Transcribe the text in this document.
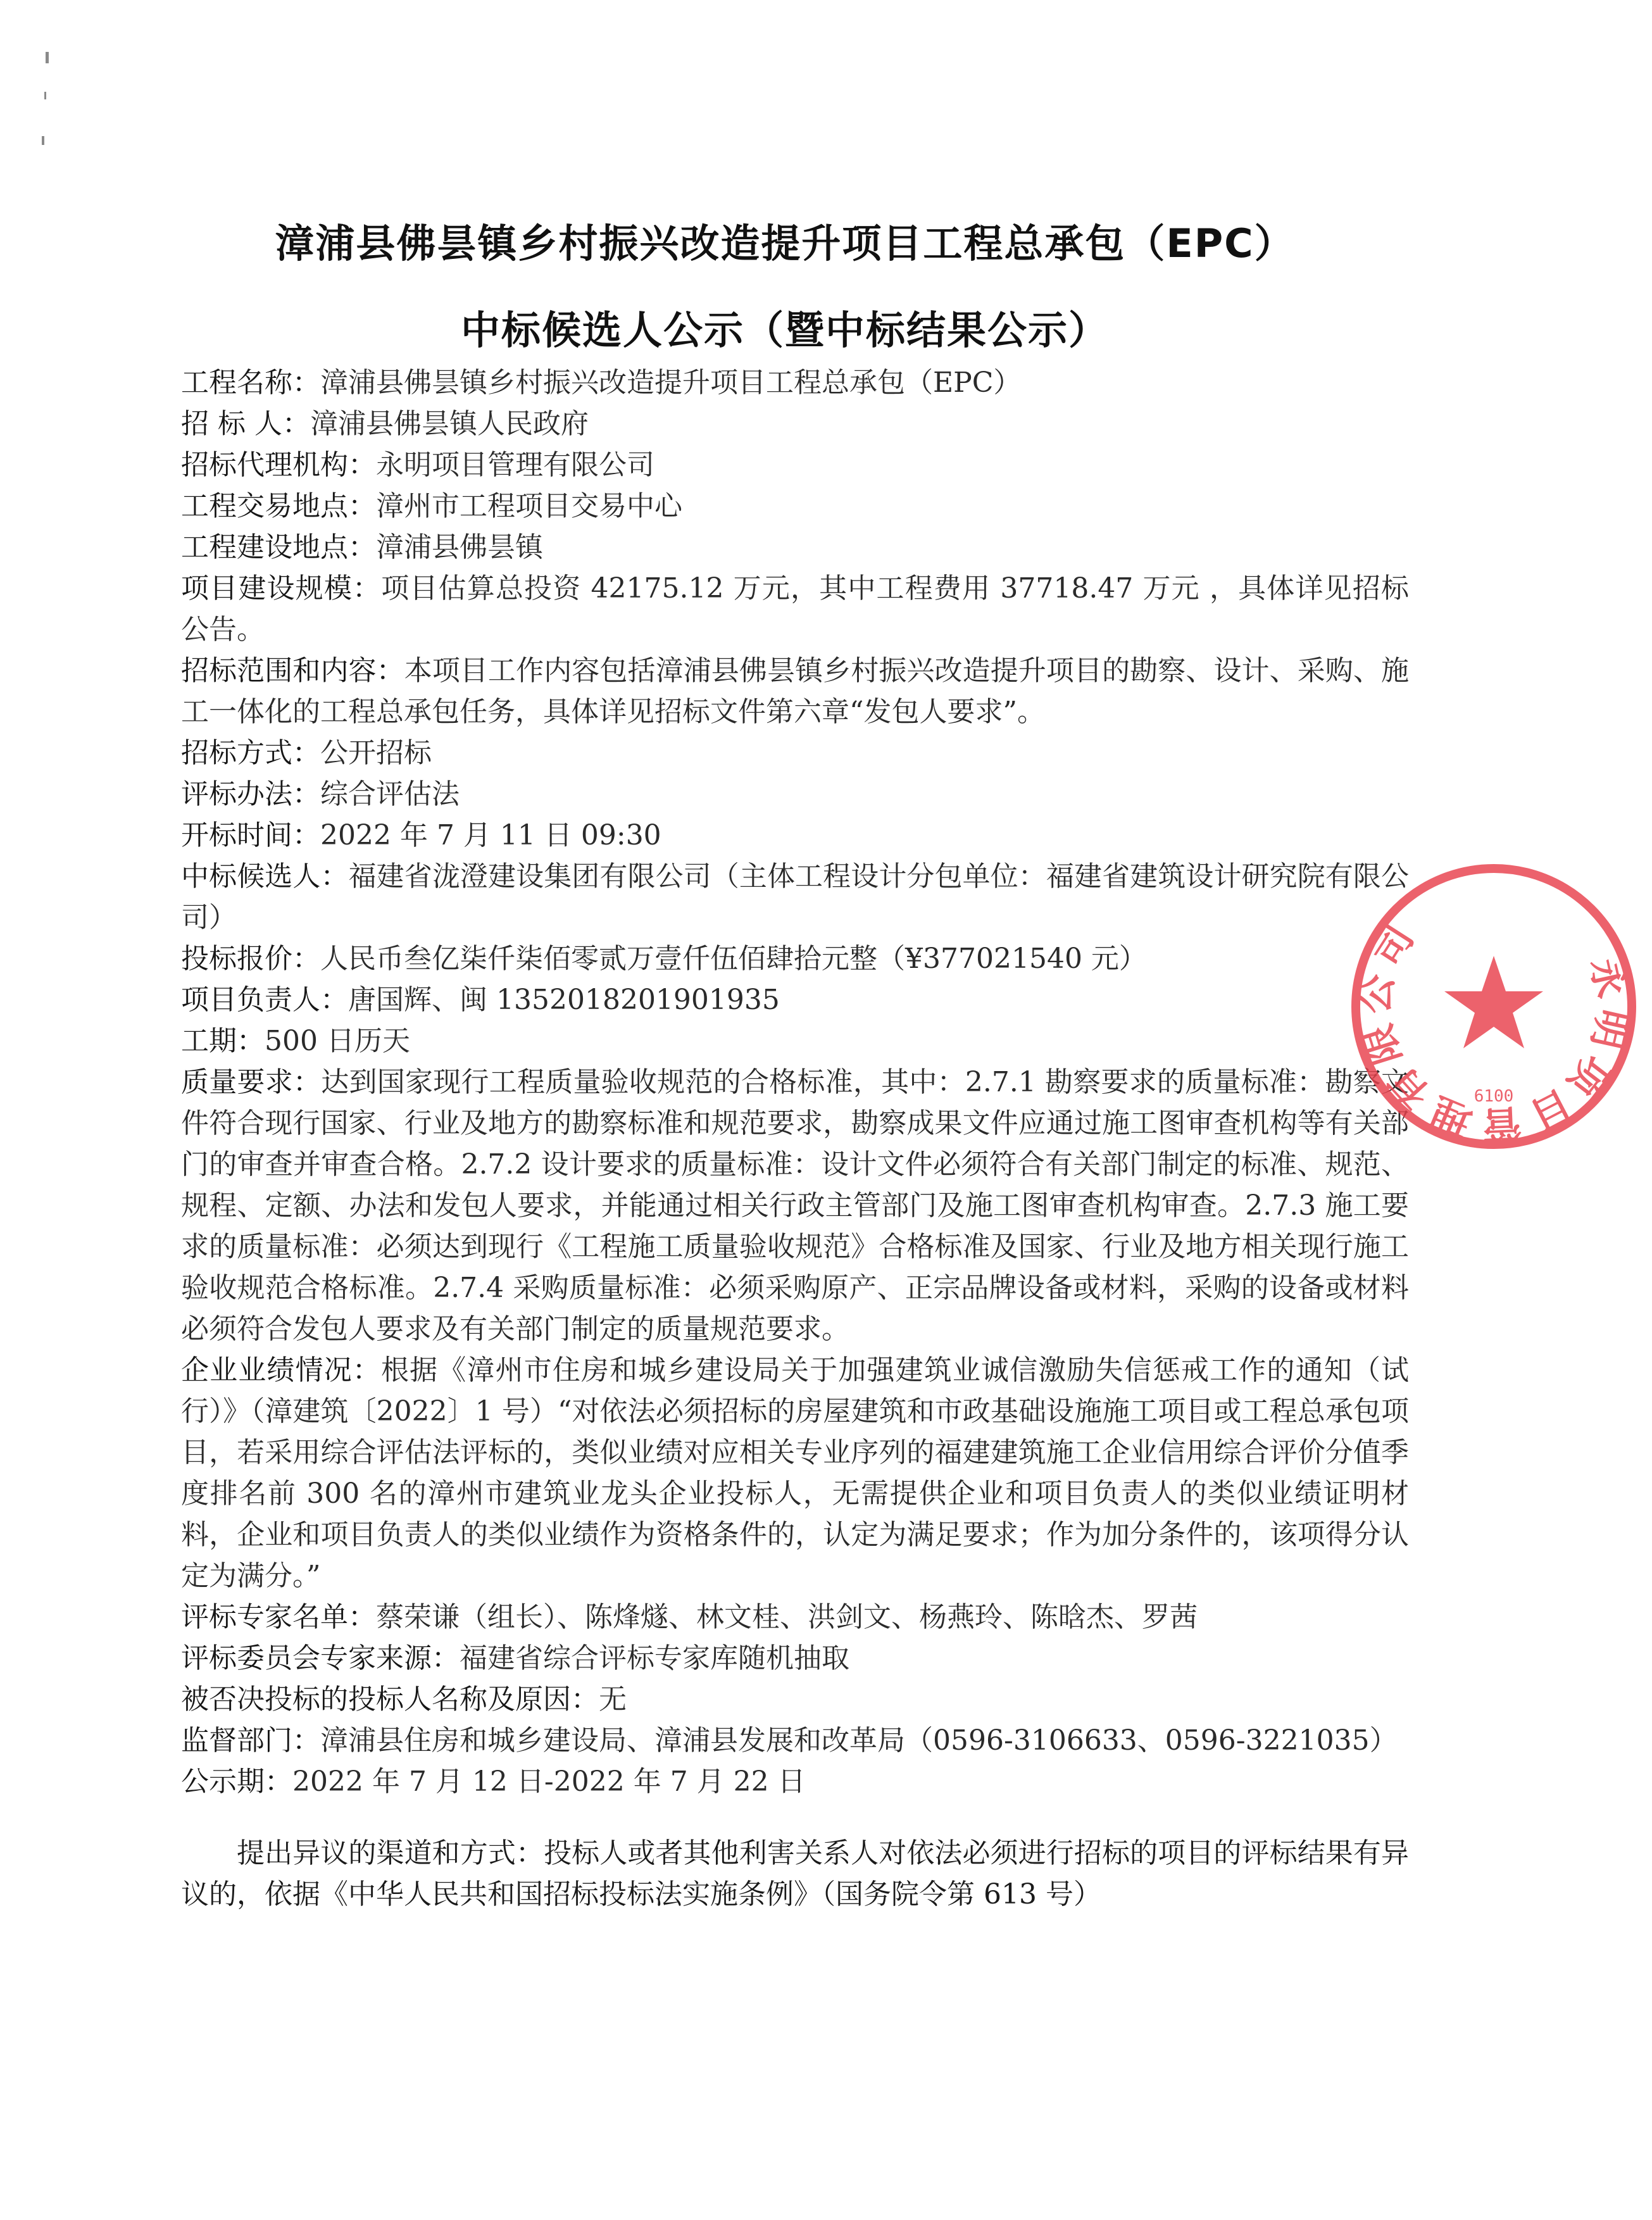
漳浦县佛昙镇乡村振兴改造提升项目工程总承包（EPC）
中标候选人公示（暨中标结果公示）
工程名称：漳浦县佛昙镇乡村振兴改造提升项目工程总承包（EPC）
招 标 人：漳浦县佛昙镇人民政府
招标代理机构：永明项目管理有限公司
工程交易地点：漳州市工程项目交易中心
工程建设地点：漳浦县佛昙镇
项目建设规模：项目估算总投资 42175.12 万元，其中工程费用 37718.47 万元 ，具体详见招标公告。
招标范围和内容：本项目工作内容包括漳浦县佛昙镇乡村振兴改造提升项目的勘察、设计、采购、施工一体化的工程总承包任务，具体详见招标文件第六章“发包人要求”。
招标方式：公开招标
评标办法：综合评估法
开标时间：2022 年 7 月 11 日 09:30
中标候选人：福建省泷澄建设集团有限公司（主体工程设计分包单位：福建省建筑设计研究院有限公司）
投标报价：人民币叁亿柒仟柒佰零贰万壹仟伍佰肆拾元整（¥377021540 元）
项目负责人：唐国辉、闽 1352018201901935
工期：500 日历天
质量要求：达到国家现行工程质量验收规范的合格标准，其中：2.7.1 勘察要求的质量标准：勘察文件符合现行国家、行业及地方的勘察标准和规范要求，勘察成果文件应通过施工图审查机构等有关部门的审查并审查合格。2.7.2 设计要求的质量标准：设计文件必须符合有关部门制定的标准、规范、规程、定额、办法和发包人要求，并能通过相关行政主管部门及施工图审查机构审查。2.7.3 施工要求的质量标准：必须达到现行《工程施工质量验收规范》合格标准及国家、行业及地方相关现行施工验收规范合格标准。2.7.4 采购质量标准：必须采购原产、正宗品牌设备或材料，采购的设备或材料必须符合发包人要求及有关部门制定的质量规范要求。
企业业绩情况：根据《漳州市住房和城乡建设局关于加强建筑业诚信激励失信惩戒工作的通知（试行）》（漳建筑〔2022〕1 号）“对依法必须招标的房屋建筑和市政基础设施施工项目或工程总承包项目，若采用综合评估法评标的，类似业绩对应相关专业序列的福建建筑施工企业信用综合评价分值季度排名前 300 名的漳州市建筑业龙头企业投标人，无需提供企业和项目负责人的类似业绩证明材料，企业和项目负责人的类似业绩作为资格条件的，认定为满足要求；作为加分条件的，该项得分认定为满分。”
评标专家名单：蔡荣谦（组长）、陈烽燧、林文桂、洪剑文、杨燕玲、陈晗杰、罗茜
评标委员会专家来源：福建省综合评标专家库随机抽取
被否决投标的投标人名称及原因：无
监督部门：漳浦县住房和城乡建设局、漳浦县发展和改革局（0596-3106633、0596-3221035）
公示期：2022 年 7 月 12 日-2022 年 7 月 22 日
提出异议的渠道和方式：投标人或者其他利害关系人对依法必须进行招标的项目的评标结果有异议的，依据《中华人民共和国招标投标法实施条例》（国务院令第 613 号）
永明项目管理有限公司
6100
